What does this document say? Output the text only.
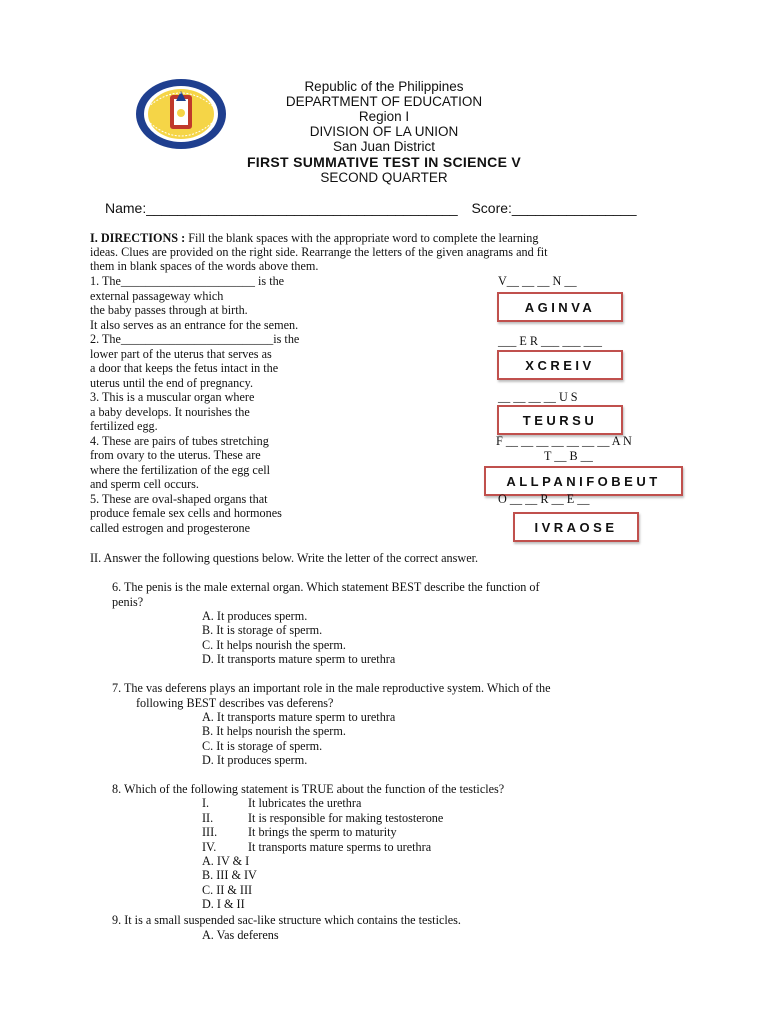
Republic of the Philippines
DEPARTMENT OF EDUCATION
Region I
DIVISION OF LA UNION
San Juan District
FIRST SUMMATIVE TEST IN SCIENCE V
SECOND QUARTER
Name:________________________________________ Score:________________
I. DIRECTIONS : Fill the blank spaces with the appropriate word to complete the learning
ideas. Clues are provided on the right side. Rearrange the letters of the given anagrams and fit
them in blank spaces of the words above them.
1. The______________________ is the
external passageway which
the baby passes through at birth.
It also serves as an entrance for the semen.
V__ __ __ N __
AGINVA
2. The_________________________is the
lower part of the uterus that serves as
a door that keeps the fetus intact in the
uterus until the end of pregnancy.
___ E R ___ ___ ___
XCREIV
3. This is a muscular organ where
a baby develops. It nourishes the
fertilized egg.
__ __ __ __ U S
TEURSU
4. These are pairs of tubes stretching
from ovary to the uterus. These are
where the fertilization of the egg cell
and sperm cell occurs.
F __ __ __ __ __ __ __ A N
T __ B __
ALLPANIFOBEUT
5. These are oval-shaped organs that
produce female sex cells and hormones
called estrogen and progesterone
O __ __ R __ E __
IVRAOSE
II. Answer the following questions below. Write the letter of the correct answer.
6. The penis is the male external organ. Which statement BEST describe the function of
penis?
A. It produces sperm.
B. It is storage of sperm.
C. It helps nourish the sperm.
D. It transports mature sperm to urethra
7. The vas deferens plays an important role in the male reproductive system. Which of the
following BEST describes vas deferens?
A. It transports mature sperm to urethra
B. It helps nourish the sperm.
C. It is storage of sperm.
D. It produces sperm.
8. Which of the following statement is TRUE about the function of the testicles?
I.	It lubricates the urethra
II.	It is responsible for making testosterone
III.	It brings the sperm to maturity
IV.	It transports mature sperms to urethra
A. IV & I
B. III & IV
C. II & III
D. I & II
9. It is a small suspended sac-like structure which contains the testicles.
A. Vas deferens
